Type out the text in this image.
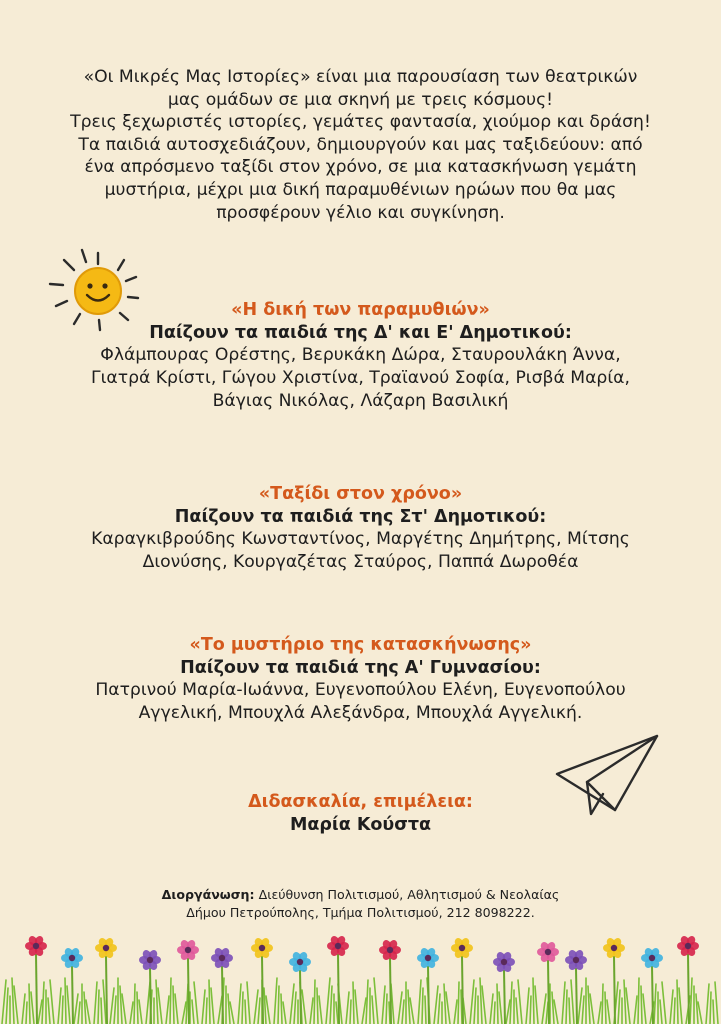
«Οι Μικρές Μας Ιστορίες» είναι μια παρουσίαση των θεατρικών
μας ομάδων σε μια σκηνή με τρεις κόσμους!
Τρεις ξεχωριστές ιστορίες, γεμάτες φαντασία, χιούμορ και δράση!
Τα παιδιά αυτοσχεδιάζουν, δημιουργούν και μας ταξιδεύουν: από
ένα απρόσμενο ταξίδι στον χρόνο, σε μια κατασκήνωση γεμάτη
μυστήρια, μέχρι μια δική παραμυθένιων ηρώων που θα μας
προσφέρουν γέλιο και συγκίνηση.

«Η δική των παραμυθιών»
Παίζουν τα παιδιά της Δ' και Ε' Δημοτικού:
Φλάμπουρας Ορέστης, Βερυκάκη Δώρα, Σταυρουλάκη Άννα,
Γιατρά Κρίστι, Γώγου Χριστίνα, Τραϊανού Σοφία, Ρισβά Μαρία,
Βάγιας Νικόλας, Λάζαρη Βασιλική
«Ταξίδι στον χρόνο»
Παίζουν τα παιδιά της Στ' Δημοτικού:
Καραγκιβρούδης Κωνσταντίνος, Μαργέτης Δημήτρης, Μίτσης
Διονύσης, Κουργαζέτας Σταύρος, Παππά Δωροθέα
«Το μυστήριο της κατασκήνωσης»
Παίζουν τα παιδιά της Α' Γυμνασίου:
Πατρινού Μαρία-Ιωάννα, Ευγενοπούλου Ελένη, Ευγενοπούλου
Αγγελική, Μπουχλά Αλεξάνδρα, Μπουχλά Αγγελική.
Διδασκαλία, επιμέλεια:
Μαρία Κούστα
Διοργάνωση: Διεύθυνση Πολιτισμού, Αθλητισμού & Νεολαίας
Δήμου Πετρούπολης, Τμήμα Πολιτισμού, 212 8098222.
